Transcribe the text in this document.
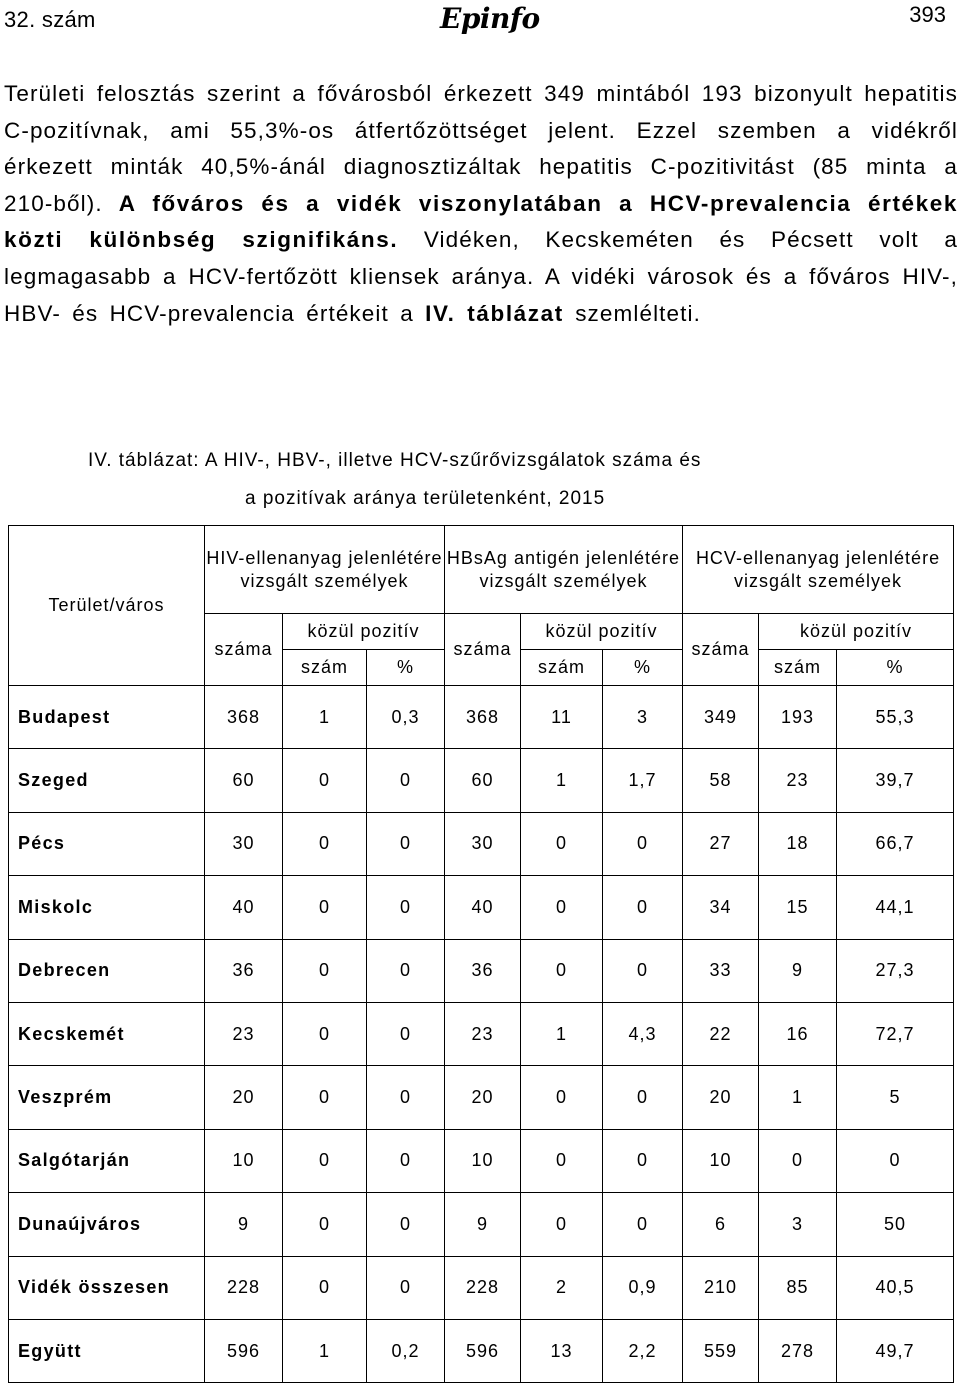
32. szám	Epinfo	393
Területi felosztás szerint a fővárosból érkezett 349 mintából 193 bizonyult hepatitis C-pozitívnak, ami 55,3%-os átfertőzöttséget jelent. Ezzel szemben a vidékről érkezett minták 40,5%-ánál diagnosztizáltak hepatitis C-pozitivitást (85 minta a 210-ből). A főváros és a vidék viszonylatában a HCV-prevalencia értékek közti különbség szignifikáns. Vidéken, Kecskeméten és Pécsett volt a legmagasabb a HCV-fertőzött kliensek aránya. A vidéki városok és a főváros HIV-, HBV- és HCV-prevalencia értékeit a IV. táblázat szemlélteti.
IV. táblázat: A HIV-, HBV-, illetve HCV-szűrővizsgálatok száma és
a pozitívak aránya területenként, 2015
Terület/város	HIV-ellenanyag jelenlétére vizsgált személyek			HBsAg antigén jelenlétére vizsgált személyek			HCV-ellenanyag jelenlétére vizsgált személyek		
	száma	közül pozitív		száma	közül pozitív		száma	közül pozitív	
		szám	%		szám	%		szám	%
Budapest	368	1	0,3	368	11	3	349	193	55,3
Szeged	60	0	0	60	1	1,7	58	23	39,7
Pécs	30	0	0	30	0	0	27	18	66,7
Miskolc	40	0	0	40	0	0	34	15	44,1
Debrecen	36	0	0	36	0	0	33	9	27,3
Kecskemét	23	0	0	23	1	4,3	22	16	72,7
Veszprém	20	0	0	20	0	0	20	1	5
Salgótarján	10	0	0	10	0	0	10	0	0
Dunaújváros	9	0	0	9	0	0	6	3	50
Vidék összesen	228	0	0	228	2	0,9	210	85	40,5
Együtt	596	1	0,2	596	13	2,2	559	278	49,7
